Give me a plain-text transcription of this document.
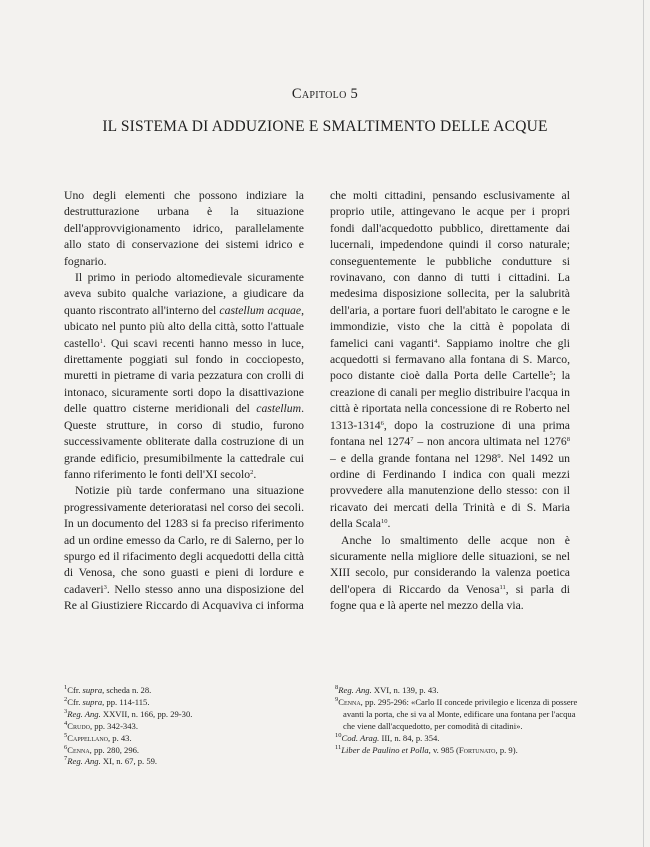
Capitolo 5
IL SISTEMA DI ADDUZIONE E SMALTIMENTO DELLE ACQUE

Uno degli elementi che possono indiziare la destrutturazione urbana è la situazione dell'approvvigionamento idrico, parallelamente allo stato di conservazione dei sistemi idrico e fognario.

Il primo in periodo altomedievale sicuramente aveva subito qualche variazione, a giudicare da quanto riscontrato all'interno del castellum acquae, ubicato nel punto più alto della città, sotto l'attuale castello$^1$. Qui scavi recenti hanno messo in luce, direttamente poggiati sul fondo in cocciopesto, muretti in pietrame di varia pezzatura con crolli di intonaco, sicuramente sorti dopo la disattivazione delle quattro cisterne meridionali del castellum. Queste strutture, in corso di studio, furono successivamente obliterate dalla costruzione di un grande edificio, presumibilmente la cattedrale cui fanno riferimento le fonti dell'XI secolo$^2$.

Notizie più tarde confermano una situazione progressivamente deterioratasi nel corso dei secoli. In un documento del 1283 si fa preciso riferimento ad un ordine emesso da Carlo, re di Salerno, per lo spurgo ed il rifacimento degli acquedotti della città di Venosa, che sono guasti e pieni di lordure e cadaveri$^3$. Nello stesso anno una disposizione del Re al Giustiziere Riccardo di Acquaviva ci informa

che molti cittadini, pensando esclusivamente al proprio utile, attingevano le acque per i propri fondi dall'acquedotto pubblico, direttamente dai lucernali, impedendone quindi il corso naturale; conseguentemente le pubbliche condutture si rovinavano, con danno di tutti i cittadini. La medesima disposizione sollecita, per la salubrità dell'aria, a portare fuori dell'abitato le carogne e le immondizie, visto che la città è popolata di famelici cani vaganti$^4$. Sappiamo inoltre che gli acquedotti si fermavano alla fontana di S. Marco, poco distante cioè dalla Porta delle Cartelle$^5$; la creazione di canali per meglio distribuire l'acqua in città è riportata nella concessione di re Roberto nel 1313-1314$^6$, dopo la costruzione di una prima fontana nel 1274$^7$ – non ancora ultimata nel 1276$^8$ – e della grande fontana nel 1298$^9$. Nel 1492 un ordine di Ferdinando I indica con quali mezzi provvedere alla manutenzione dello stesso: con il ricavato dei mercati della Trinità e di S. Maria della Scala$^{10}$.

Anche lo smaltimento delle acque non è sicuramente nella migliore delle situazioni, se nel XIII secolo, pur considerando la valenza poetica dell'opera di Riccardo da Venosa$^{11}$, si parla di fogne qua e là aperte nel mezzo della via.

$^1$Cfr. supra, scheda n. 28.

$^2$Cfr. supra, pp. 114-115.

$^3$Reg. Ang. XXVII, n. 166, pp. 29-30.

$^4$Crudo, pp. 342-343.

$^5$Cappellano, p. 43.

$^6$Cenna, pp. 280, 296.

$^7$Reg. Ang. XI, n. 67, p. 59.

$^8$Reg. Ang. XVI, n. 139, p. 43.

$^9$Cenna, pp. 295-296: «Carlo II concede privilegio e licenza di possere avanti la porta, che si va al Monte, edificare una fontana per l'acqua che viene dall'acquedotto, per comodità di citadini».

$^{10}$Cod. Arag. III, n. 84, p. 354.

$^{11}$Liber de Paulino et Polla, v. 985 (Fortunato, p. 9).
